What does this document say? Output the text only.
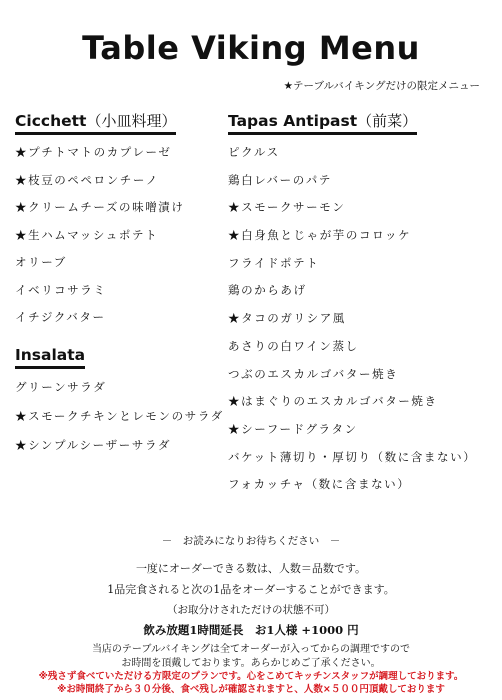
Table Viking Menu
★テーブルバイキングだけの限定メニュー
Cicchett（小皿料理）
★プチトマトのカプレーゼ
★枝豆のペペロンチーノ
★クリームチーズの味噌漬け
★生ハムマッシュポテト
オリーブ
イベリコサラミ
イチジクバター
Insalata
グリーンサラダ
★スモークチキンとレモンのサラダ
★シンプルシーザーサラダ
Tapas Antipast（前菜）
ピクルス
鶏白レバーのパテ
★スモークサーモン
★白身魚とじゃが芋のコロッケ
フライドポテト
鶏のからあげ
★タコのガリシア風
あさりの白ワイン蒸し
つぶのエスカルゴバター焼き
★はまぐりのエスカルゴバター焼き
★シーフードグラタン
バケット薄切り・厚切り（数に含まない）
フォカッチャ（数に含まない）
－　お読みになりお待ちください　－
一度にオーダーできる数は、人数＝品数です。
1品完食されると次の1品をオーダーすることができます。
（お取分けされただけの状態不可）
飲み放題1時間延長　お1人様 +1000 円
当店のテーブルバイキングは全てオーダーが入ってからの調理ですので
お時間を頂戴しております。あらかじめご了承ください。
※残さず食べていただける方限定のプランです。心をこめてキッチンスタッフが調理しております。
※お時間終了から３０分後、食べ残しが確認されますと、人数×５００円頂戴しております
